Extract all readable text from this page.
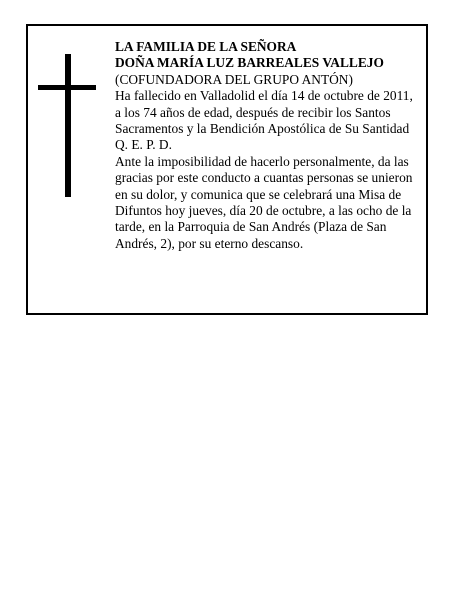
LA FAMILIA DE LA SEÑORA
DOÑA MARÍA LUZ BARREALES VALLEJO
(COFUNDADORA DEL GRUPO ANTÓN)
Ha fallecido en Valladolid el día 14 de octubre de 2011,
a los 74 años de edad, después de recibir los Santos
Sacramentos y la Bendición Apostólica de Su Santidad
Q. E. P. D.
Ante la imposibilidad de hacerlo personalmente, da las
gracias por este conducto a cuantas personas se unieron
en su dolor, y comunica que se celebrará una Misa de
Difuntos hoy jueves, día 20 de octubre, a las ocho de la
tarde, en la Parroquia de San Andrés (Plaza de San
Andrés, 2), por su eterno descanso.
